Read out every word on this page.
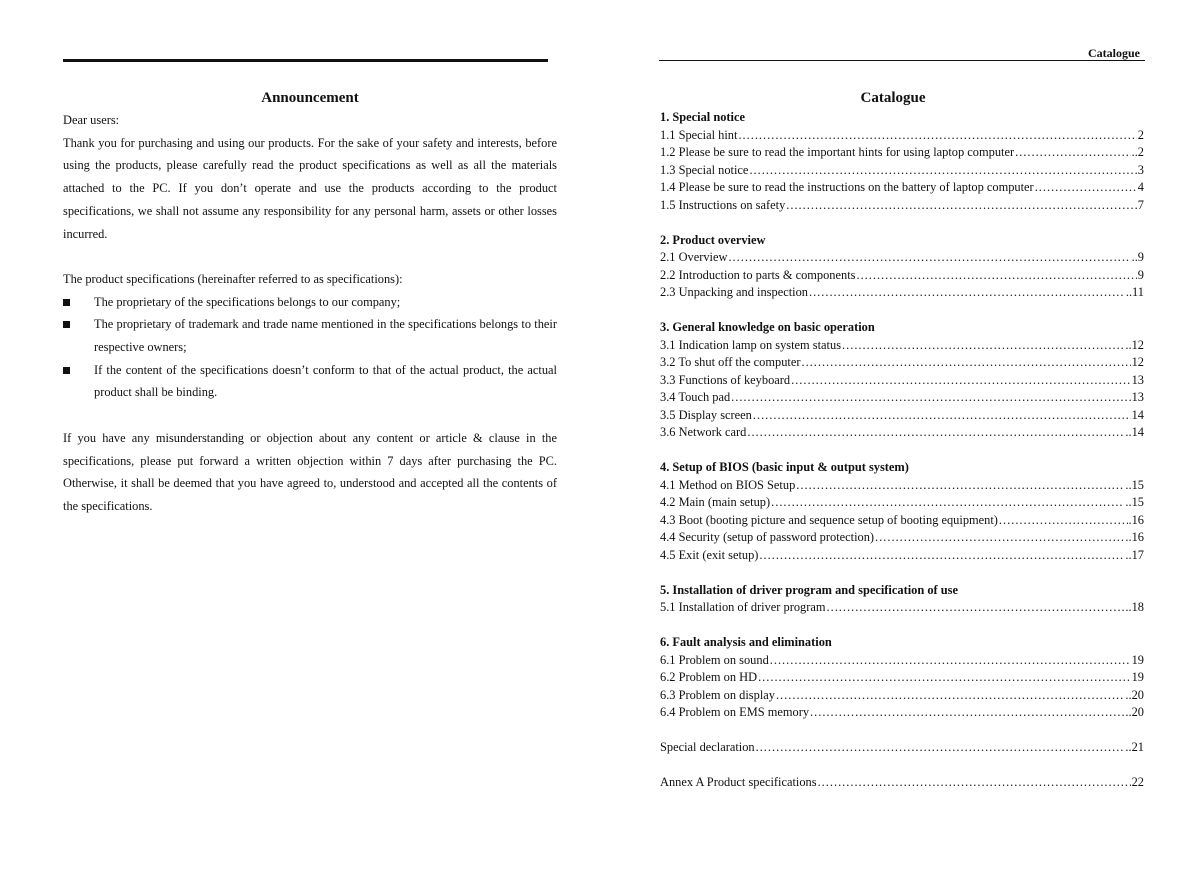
Announcement

Dear users:

Thank you for purchasing and using our products. For the sake of your safety and interests, before using the products, please carefully read the product specifications as well as all the materials attached to the PC. If you don’t operate and use the products according to the product specifications, we shall not assume any responsibility for any personal harm, assets or other losses incurred.

The product specifications (hereinafter referred to as specifications):

The proprietary of the specifications belongs to our company;
The proprietary of trademark and trade name mentioned in the specifications belongs to their respective owners;
If the content of the specifications doesn’t conform to that of the actual product, the actual product shall be binding.

If you have any misunderstanding or objection about any content or article & clause in the specifications, please put forward a written objection within 7 days after purchasing the PC. Otherwise, it shall be deemed that you have agreed to, understood and accepted all the contents of the specifications.

Catalogue
Catalogue
1. Special notice
1.1 Special hint .....	2
1.2 Please be sure to read the important hints for using laptop computer .....	..2
1.3 Special notice .....	3
1.4 Please be sure to read the instructions on the battery of laptop computer .....	4
1.5 Instructions on safety .....	7
2. Product overview
2.1 Overview .....	..9
2.2 Introduction to parts & components .....	9
2.3 Unpacking and inspection .....	..11
3. General knowledge on basic operation
3.1 Indication lamp on system status .....	..12
3.2 To shut off the computer .....	12
3.3 Functions of keyboard .....	13
3.4 Touch pad .....	13
3.5 Display screen .....	14
3.6 Network card .....	..14
4. Setup of BIOS (basic input & output system)
4.1 Method on BIOS Setup .....	..15
4.2 Main (main setup) .....	..15
4.3 Boot (booting picture and sequence setup of booting equipment) .....	.16
4.4 Security (setup of password protection) .....	..16
4.5 Exit (exit setup) .....	..17
5. Installation of driver program and specification of use
5.1 Installation of driver program .....	..18
6. Fault analysis and elimination
6.1 Problem on sound .....	19
6.2 Problem on HD .....	19
6.3 Problem on display .....	..20
6.4 Problem on EMS memory .....	..20
Special declaration .....	..21
Annex A Product specifications .....	22
